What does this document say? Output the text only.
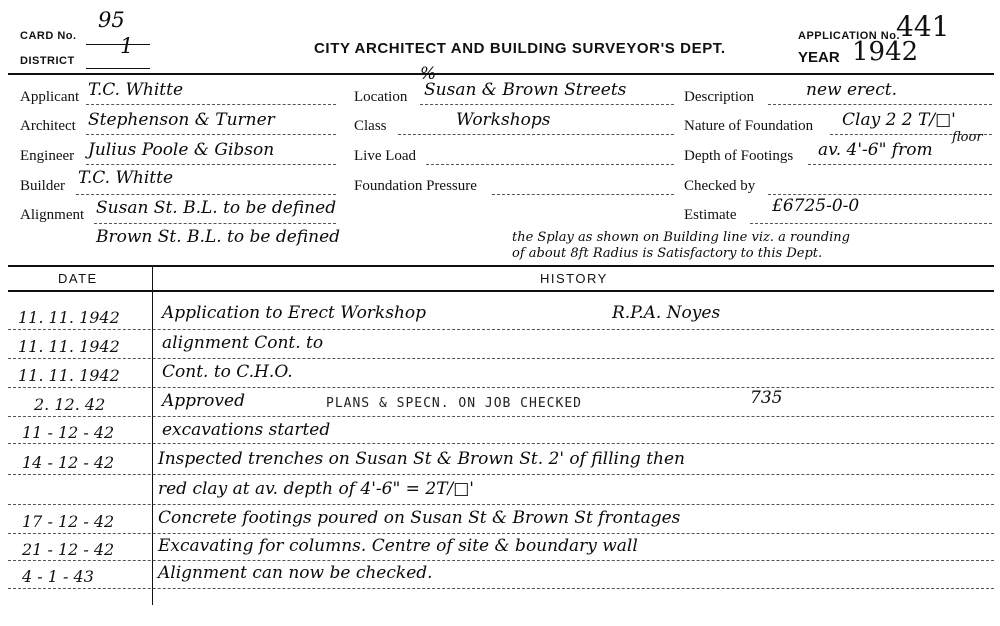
CARD No.
95
DISTRICT
1	CITY ARCHITECT AND BUILDING SURVEYOR'S DEPT.
APPLICATION No.
441
YEAR 1942
Applicant T.C. Whitte
Architect Stephenson & Turner
Engineer Julius Poole & Gibson
Builder T.C. Whitte
Alignment Susan St. B.L. to be defined
Brown St. B.L. to be defined
Location
%
Susan & Brown Streets
Class	Workshops
Live Load
Foundation Pressure
Description	new erect.
Nature of Foundation Clay 2 2 T/□'
Depth of Footings av. 4'-6" from
floor
Checked by
Estimate £6725-0-0
the Splay as shown on Building line viz. a rounding
of about 8ft Radius is Satisfactory to this Dept.
DATE	HISTORY
11. 11. 1942 Application to Erect Workshop	R.P.A. Noyes
11. 11. 1942 alignment Cont. to
11. 11. 1942 Cont. to C.H.O.
2. 12. 42	Approved	PLANS & SPECN. ON JOB CHECKED	735
11 - 12 - 42	excavations started
14 - 12 - 42	Inspected trenches on Susan St & Brown St. 2' of filling then
red clay at av. depth of 4'-6" = 2T/□'
17 - 12 - 42	Concrete footings poured on Susan St & Brown St frontages
21 - 12 - 42	Excavating for columns. Centre of site & boundary wall
4 - 1 - 43	Alignment can now be checked.
